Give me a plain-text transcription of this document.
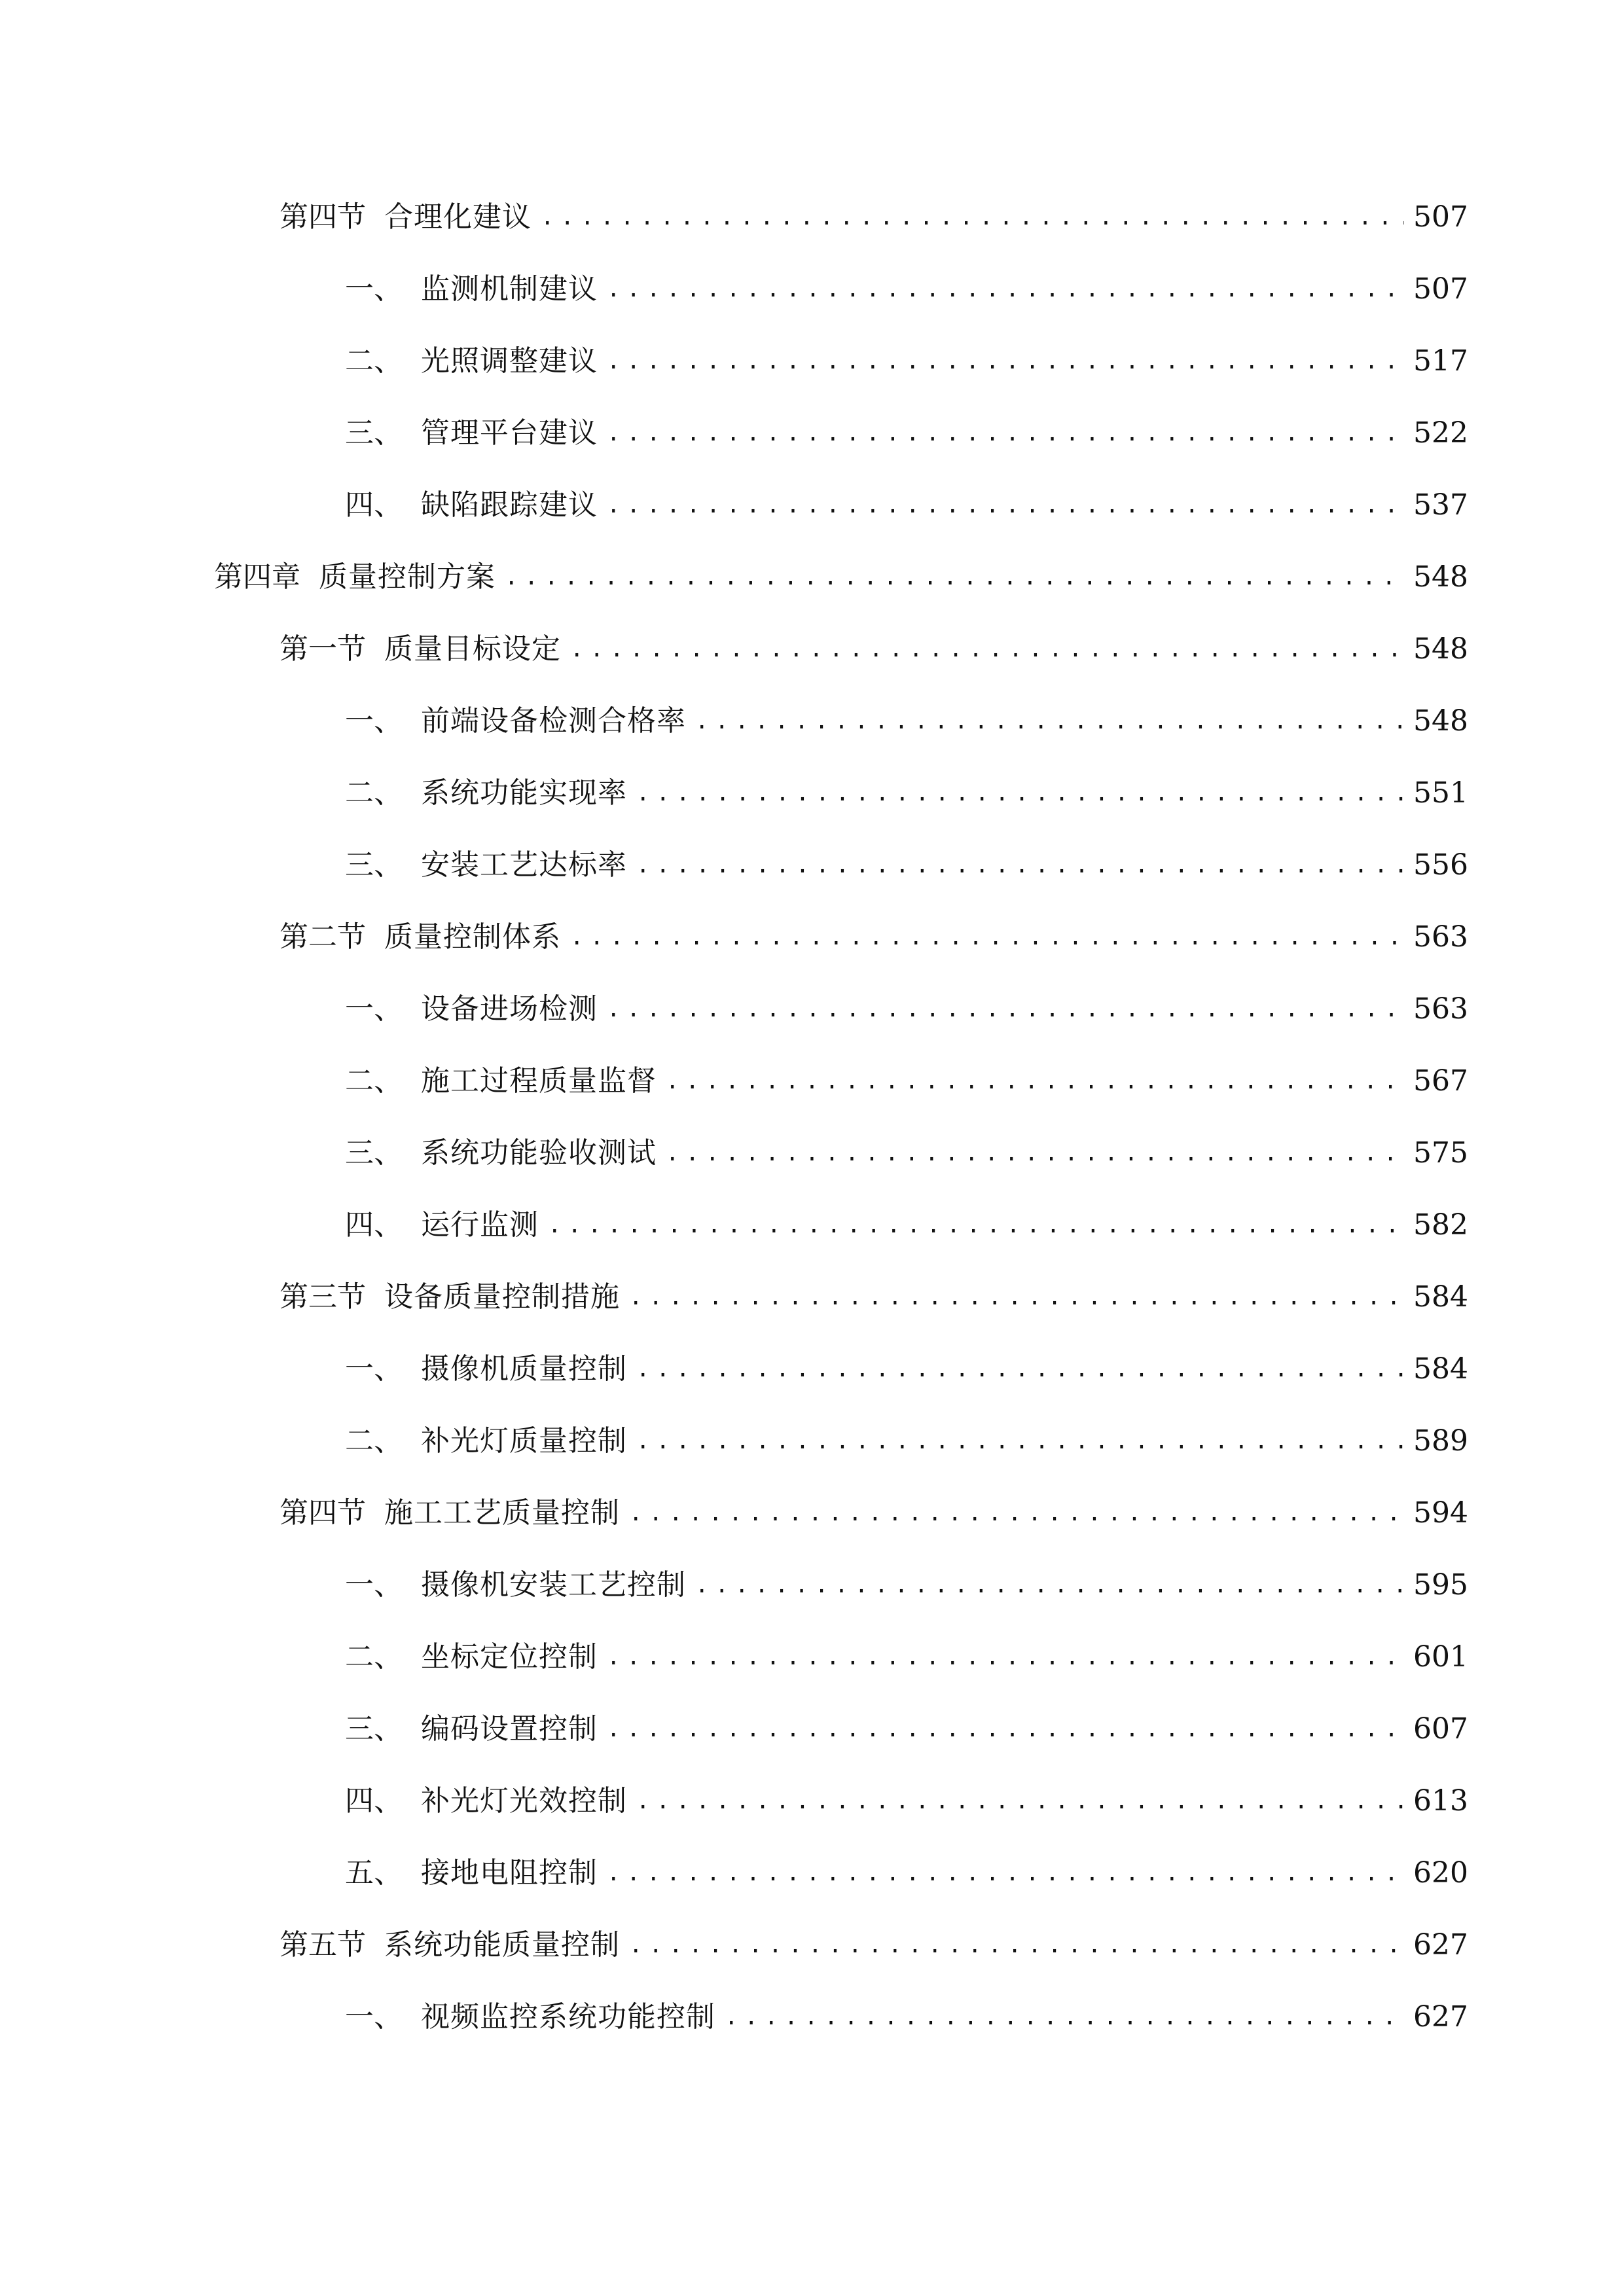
第四节 合理化建议 .....	507
一、 监测机制建议 .....	507
二、 光照调整建议 .....	517
三、 管理平台建议 .....	522
四、 缺陷跟踪建议 .....	537
第四章 质量控制方案 .....	548
第一节 质量目标设定 .....	548
一、 前端设备检测合格率 .....	548
二、 系统功能实现率 .....	551
三、 安装工艺达标率 .....	556
第二节 质量控制体系 .....	563
一、 设备进场检测 .....	563
二、 施工过程质量监督 .....	567
三、 系统功能验收测试 .....	575
四、 运行监测 .....	582
第三节 设备质量控制措施 .....	584
一、 摄像机质量控制 .....	584
二、 补光灯质量控制 .....	589
第四节 施工工艺质量控制 .....	594
一、 摄像机安装工艺控制 .....	595
二、 坐标定位控制 .....	601
三、 编码设置控制 .....	607
四、 补光灯光效控制 .....	613
五、 接地电阻控制 .....	620
第五节 系统功能质量控制 .....	627
一、 视频监控系统功能控制 .....	627
